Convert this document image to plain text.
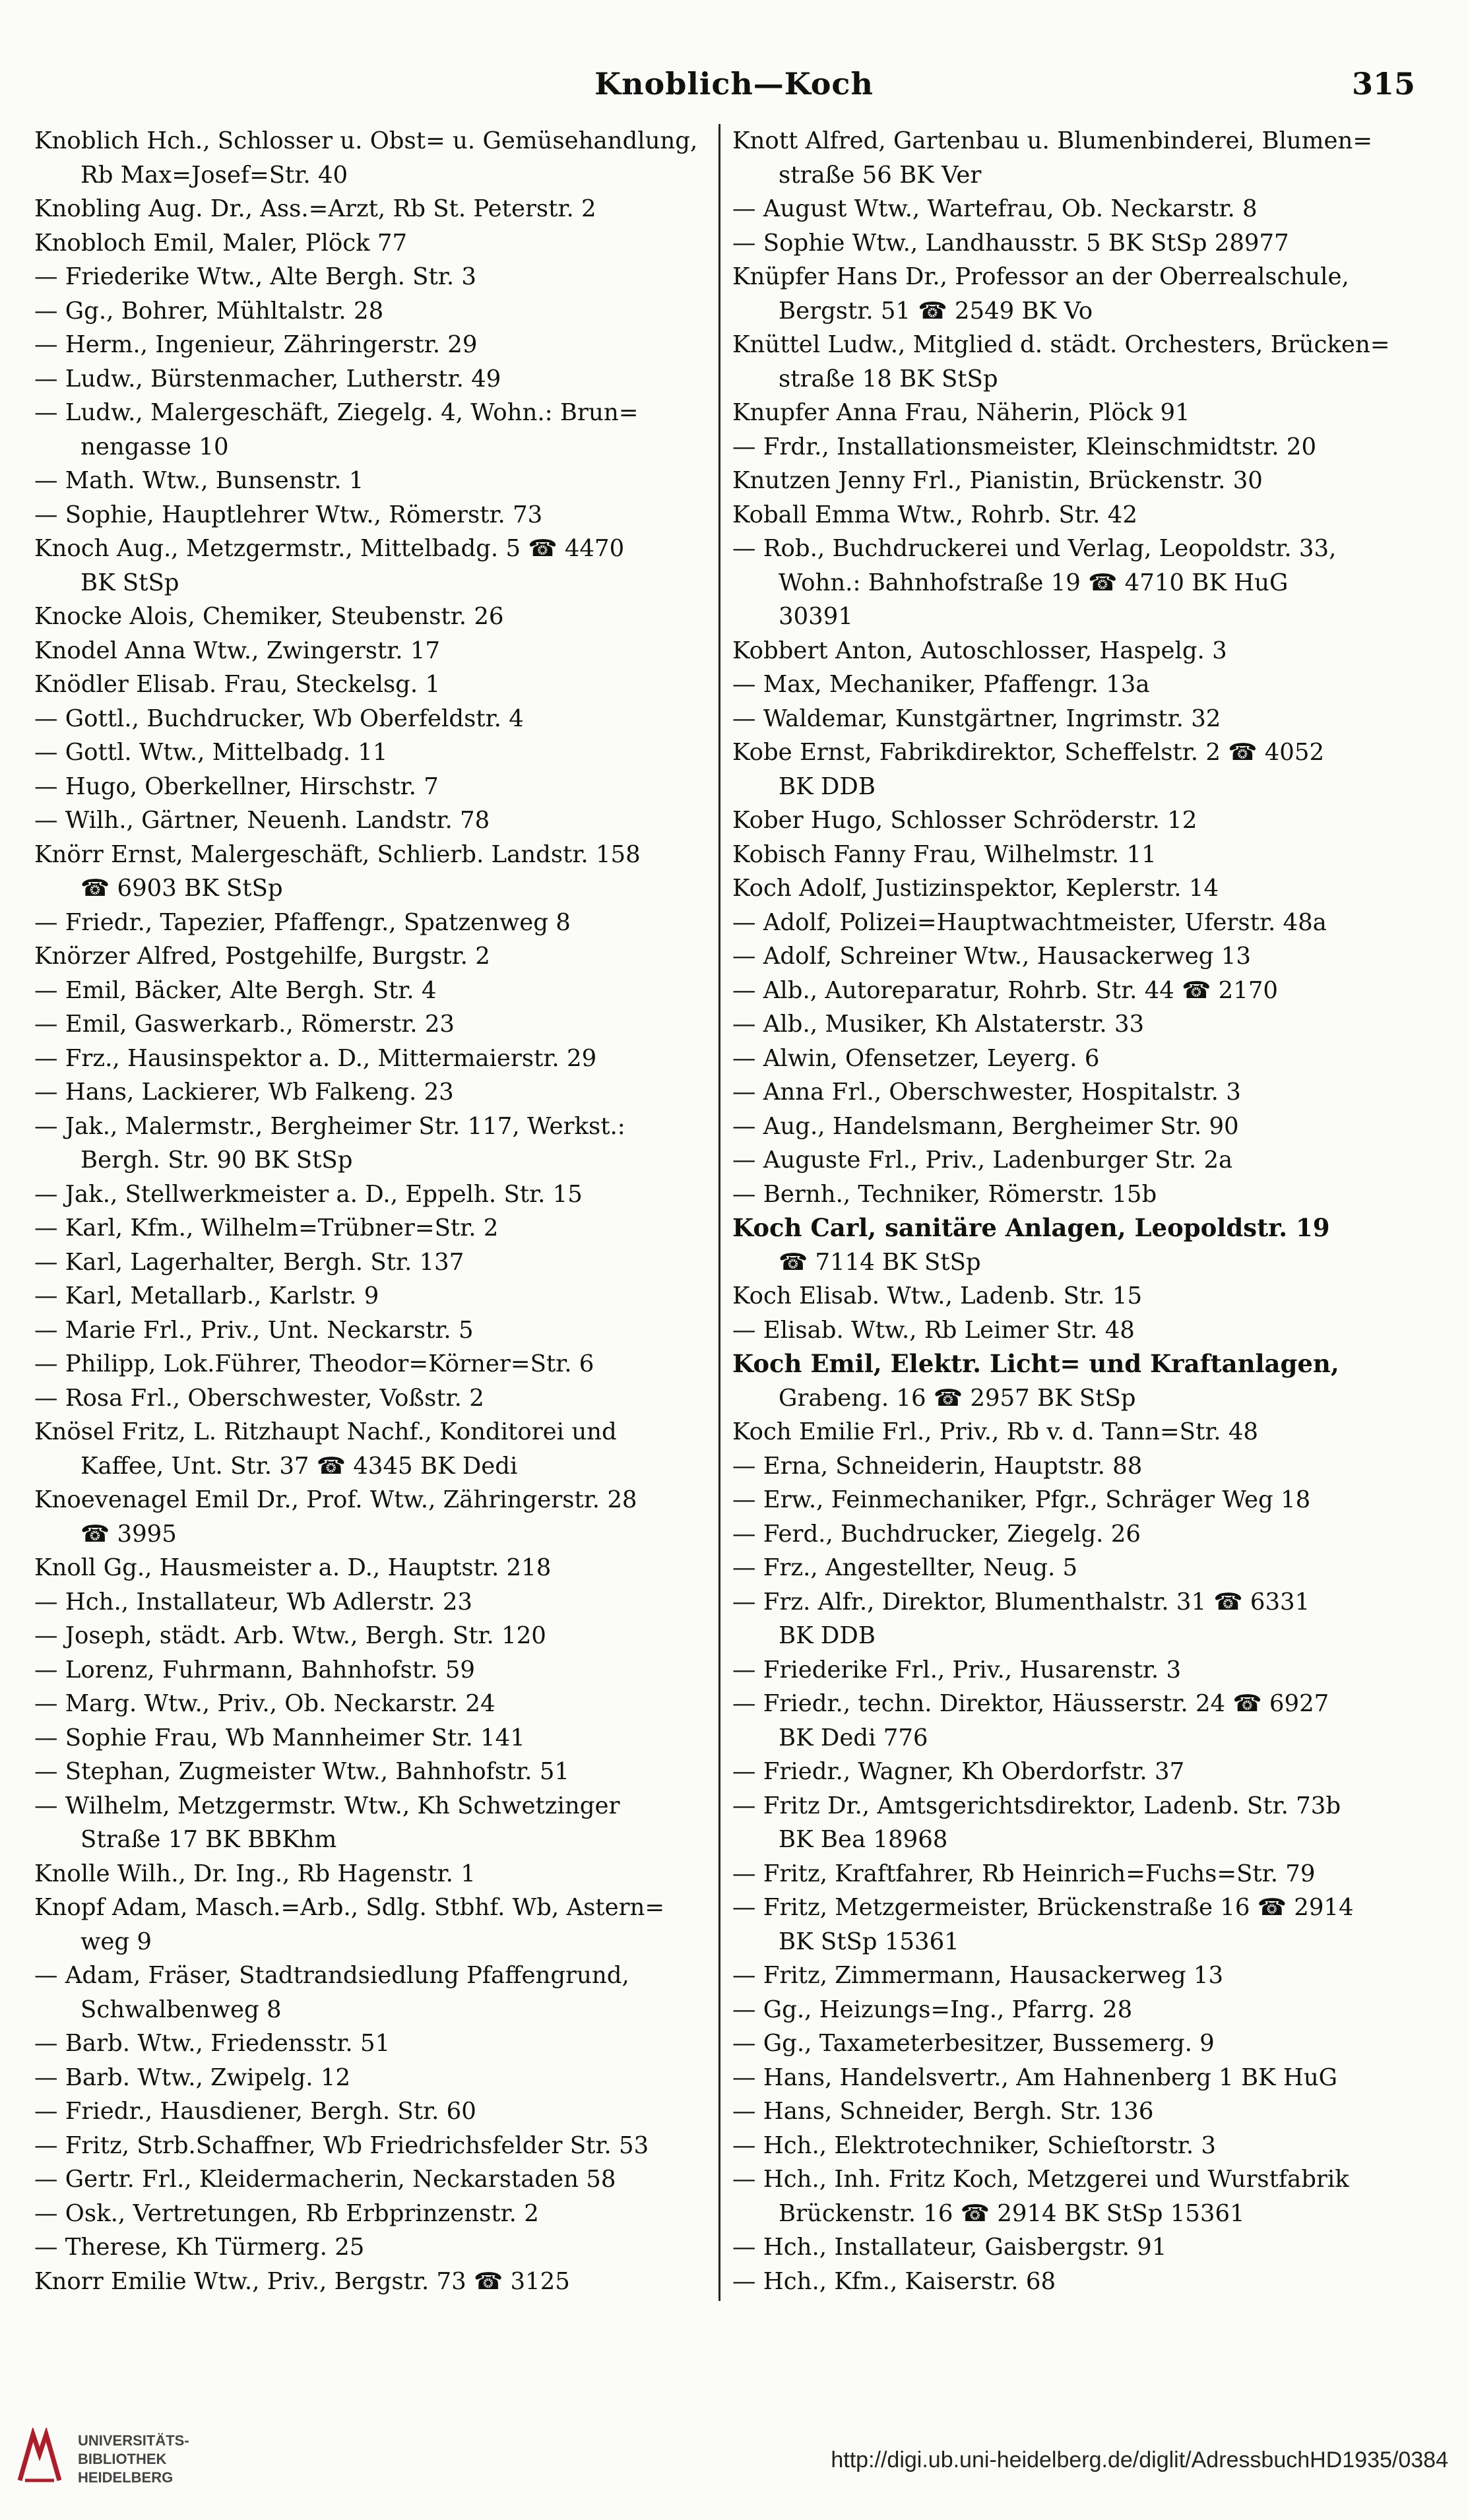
Knoblich—Koch	315
Knoblich Hch., Schlosser u. Obst= u. Gemüsehandlung,
Rb Max=Josef=Str. 40
Knobling Aug. Dr., Ass.=Arzt, Rb St. Peterstr. 2
Knobloch Emil, Maler, Plöck 77
— Friederike Wtw., Alte Bergh. Str. 3
— Gg., Bohrer, Mühltalstr. 28
— Herm., Ingenieur, Zähringerstr. 29
— Ludw., Bürstenmacher, Lutherstr. 49
— Ludw., Malergeschäft, Ziegelg. 4, Wohn.: Brun=
nengasse 10
— Math. Wtw., Bunsenstr. 1
— Sophie, Hauptlehrer Wtw., Römerstr. 73
Knoch Aug., Metzgermstr., Mittelbadg. 5 ☎ 4470
BK StSp
Knocke Alois, Chemiker, Steubenstr. 26
Knodel Anna Wtw., Zwingerstr. 17
Knödler Elisab. Frau, Steckelsg. 1
— Gottl., Buchdrucker, Wb Oberfeldstr. 4
— Gottl. Wtw., Mittelbadg. 11
— Hugo, Oberkellner, Hirschstr. 7
— Wilh., Gärtner, Neuenh. Landstr. 78
Knörr Ernst, Malergeschäft, Schlierb. Landstr. 158
☎ 6903 BK StSp
— Friedr., Tapezier, Pfaffengr., Spatzenweg 8
Knörzer Alfred, Postgehilfe, Burgstr. 2
— Emil, Bäcker, Alte Bergh. Str. 4
— Emil, Gaswerkarb., Römerstr. 23
— Frz., Hausinspektor a. D., Mittermaierstr. 29
— Hans, Lackierer, Wb Falkeng. 23
— Jak., Malermstr., Bergheimer Str. 117, Werkst.:
Bergh. Str. 90 BK StSp
— Jak., Stellwerkmeister a. D., Eppelh. Str. 15
— Karl, Kfm., Wilhelm=Trübner=Str. 2
— Karl, Lagerhalter, Bergh. Str. 137
— Karl, Metallarb., Karlstr. 9
— Marie Frl., Priv., Unt. Neckarstr. 5
— Philipp, Lok.Führer, Theodor=Körner=Str. 6
— Rosa Frl., Oberschwester, Voßstr. 2
Knösel Fritz, L. Ritzhaupt Nachf., Konditorei und
Kaffee, Unt. Str. 37 ☎ 4345 BK Dedi
Knoevenagel Emil Dr., Prof. Wtw., Zähringerstr. 28
☎ 3995
Knoll Gg., Hausmeister a. D., Hauptstr. 218
— Hch., Installateur, Wb Adlerstr. 23
— Joseph, städt. Arb. Wtw., Bergh. Str. 120
— Lorenz, Fuhrmann, Bahnhofstr. 59
— Marg. Wtw., Priv., Ob. Neckarstr. 24
— Sophie Frau, Wb Mannheimer Str. 141
— Stephan, Zugmeister Wtw., Bahnhofstr. 51
— Wilhelm, Metzgermstr. Wtw., Kh Schwetzinger
Straße 17 BK BBKhm
Knolle Wilh., Dr. Ing., Rb Hagenstr. 1
Knopf Adam, Masch.=Arb., Sdlg. Stbhf. Wb, Astern=
weg 9
— Adam, Fräser, Stadtrandsiedlung Pfaffengrund,
Schwalbenweg 8
— Barb. Wtw., Friedensstr. 51
— Barb. Wtw., Zwipelg. 12
— Friedr., Hausdiener, Bergh. Str. 60
— Fritz, Strb.Schaffner, Wb Friedrichsfelder Str. 53
— Gertr. Frl., Kleidermacherin, Neckarstaden 58
— Osk., Vertretungen, Rb Erbprinzenstr. 2
— Therese, Kh Türmerg. 25
Knorr Emilie Wtw., Priv., Bergstr. 73 ☎ 3125
Knott Alfred, Gartenbau u. Blumenbinderei, Blumen=
straße 56 BK Ver
— August Wtw., Wartefrau, Ob. Neckarstr. 8
— Sophie Wtw., Landhausstr. 5 BK StSp 28977
Knüpfer Hans Dr., Professor an der Oberrealschule,
Bergstr. 51 ☎ 2549 BK Vo
Knüttel Ludw., Mitglied d. städt. Orchesters, Brücken=
straße 18 BK StSp
Knupfer Anna Frau, Näherin, Plöck 91
— Frdr., Installationsmeister, Kleinschmidtstr. 20
Knutzen Jenny Frl., Pianistin, Brückenstr. 30
Koball Emma Wtw., Rohrb. Str. 42
— Rob., Buchdruckerei und Verlag, Leopoldstr. 33,
Wohn.: Bahnhofstraße 19 ☎ 4710 BK HuG
30391
Kobbert Anton, Autoschlosser, Haspelg. 3
— Max, Mechaniker, Pfaffengr. 13a
— Waldemar, Kunstgärtner, Ingrimstr. 32
Kobe Ernst, Fabrikdirektor, Scheffelstr. 2 ☎ 4052
BK DDB
Kober Hugo, Schlosser Schröderstr. 12
Kobisch Fanny Frau, Wilhelmstr. 11
Koch Adolf, Justizinspektor, Keplerstr. 14
— Adolf, Polizei=Hauptwachtmeister, Uferstr. 48a
— Adolf, Schreiner Wtw., Hausackerweg 13
— Alb., Autoreparatur, Rohrb. Str. 44 ☎ 2170
— Alb., Musiker, Kh Alstaterstr. 33
— Alwin, Ofensetzer, Leyerg. 6
— Anna Frl., Oberschwester, Hospitalstr. 3
— Aug., Handelsmann, Bergheimer Str. 90
— Auguste Frl., Priv., Ladenburger Str. 2a
— Bernh., Techniker, Römerstr. 15b
Koch Carl, sanitäre Anlagen, Leopoldstr. 19
☎ 7114 BK StSp
Koch Elisab. Wtw., Ladenb. Str. 15
— Elisab. Wtw., Rb Leimer Str. 48
Koch Emil, Elektr. Licht= und Kraftanlagen,
Grabeng. 16 ☎ 2957 BK StSp
Koch Emilie Frl., Priv., Rb v. d. Tann=Str. 48
— Erna, Schneiderin, Hauptstr. 88
— Erw., Feinmechaniker, Pfgr., Schräger Weg 18
— Ferd., Buchdrucker, Ziegelg. 26
— Frz., Angestellter, Neug. 5
— Frz. Alfr., Direktor, Blumenthalstr. 31 ☎ 6331
BK DDB
— Friederike Frl., Priv., Husarenstr. 3
— Friedr., techn. Direktor, Häusserstr. 24 ☎ 6927
BK Dedi 776
— Friedr., Wagner, Kh Oberdorfstr. 37
— Fritz Dr., Amtsgerichtsdirektor, Ladenb. Str. 73b
BK Bea 18968
— Fritz, Kraftfahrer, Rb Heinrich=Fuchs=Str. 79
— Fritz, Metzgermeister, Brückenstraße 16 ☎ 2914
BK StSp 15361
— Fritz, Zimmermann, Hausackerweg 13
— Gg., Heizungs=Ing., Pfarrg. 28
— Gg., Taxameterbesitzer, Bussemerg. 9
— Hans, Handelsvertr., Am Hahnenberg 1 BK HuG
— Hans, Schneider, Bergh. Str. 136
— Hch., Elektrotechniker, Schieſtorstr. 3
— Hch., Inh. Fritz Koch, Metzgerei und Wurstfabrik
Brückenstr. 16 ☎ 2914 BK StSp 15361
— Hch., Installateur, Gaisbergstr. 91
— Hch., Kfm., Kaiserstr. 68
UNIVERSITÄTS-
BIBLIOTHEK
HEIDELBERG
http://digi.ub.uni-heidelberg.de/diglit/AdressbuchHD1935/0384
